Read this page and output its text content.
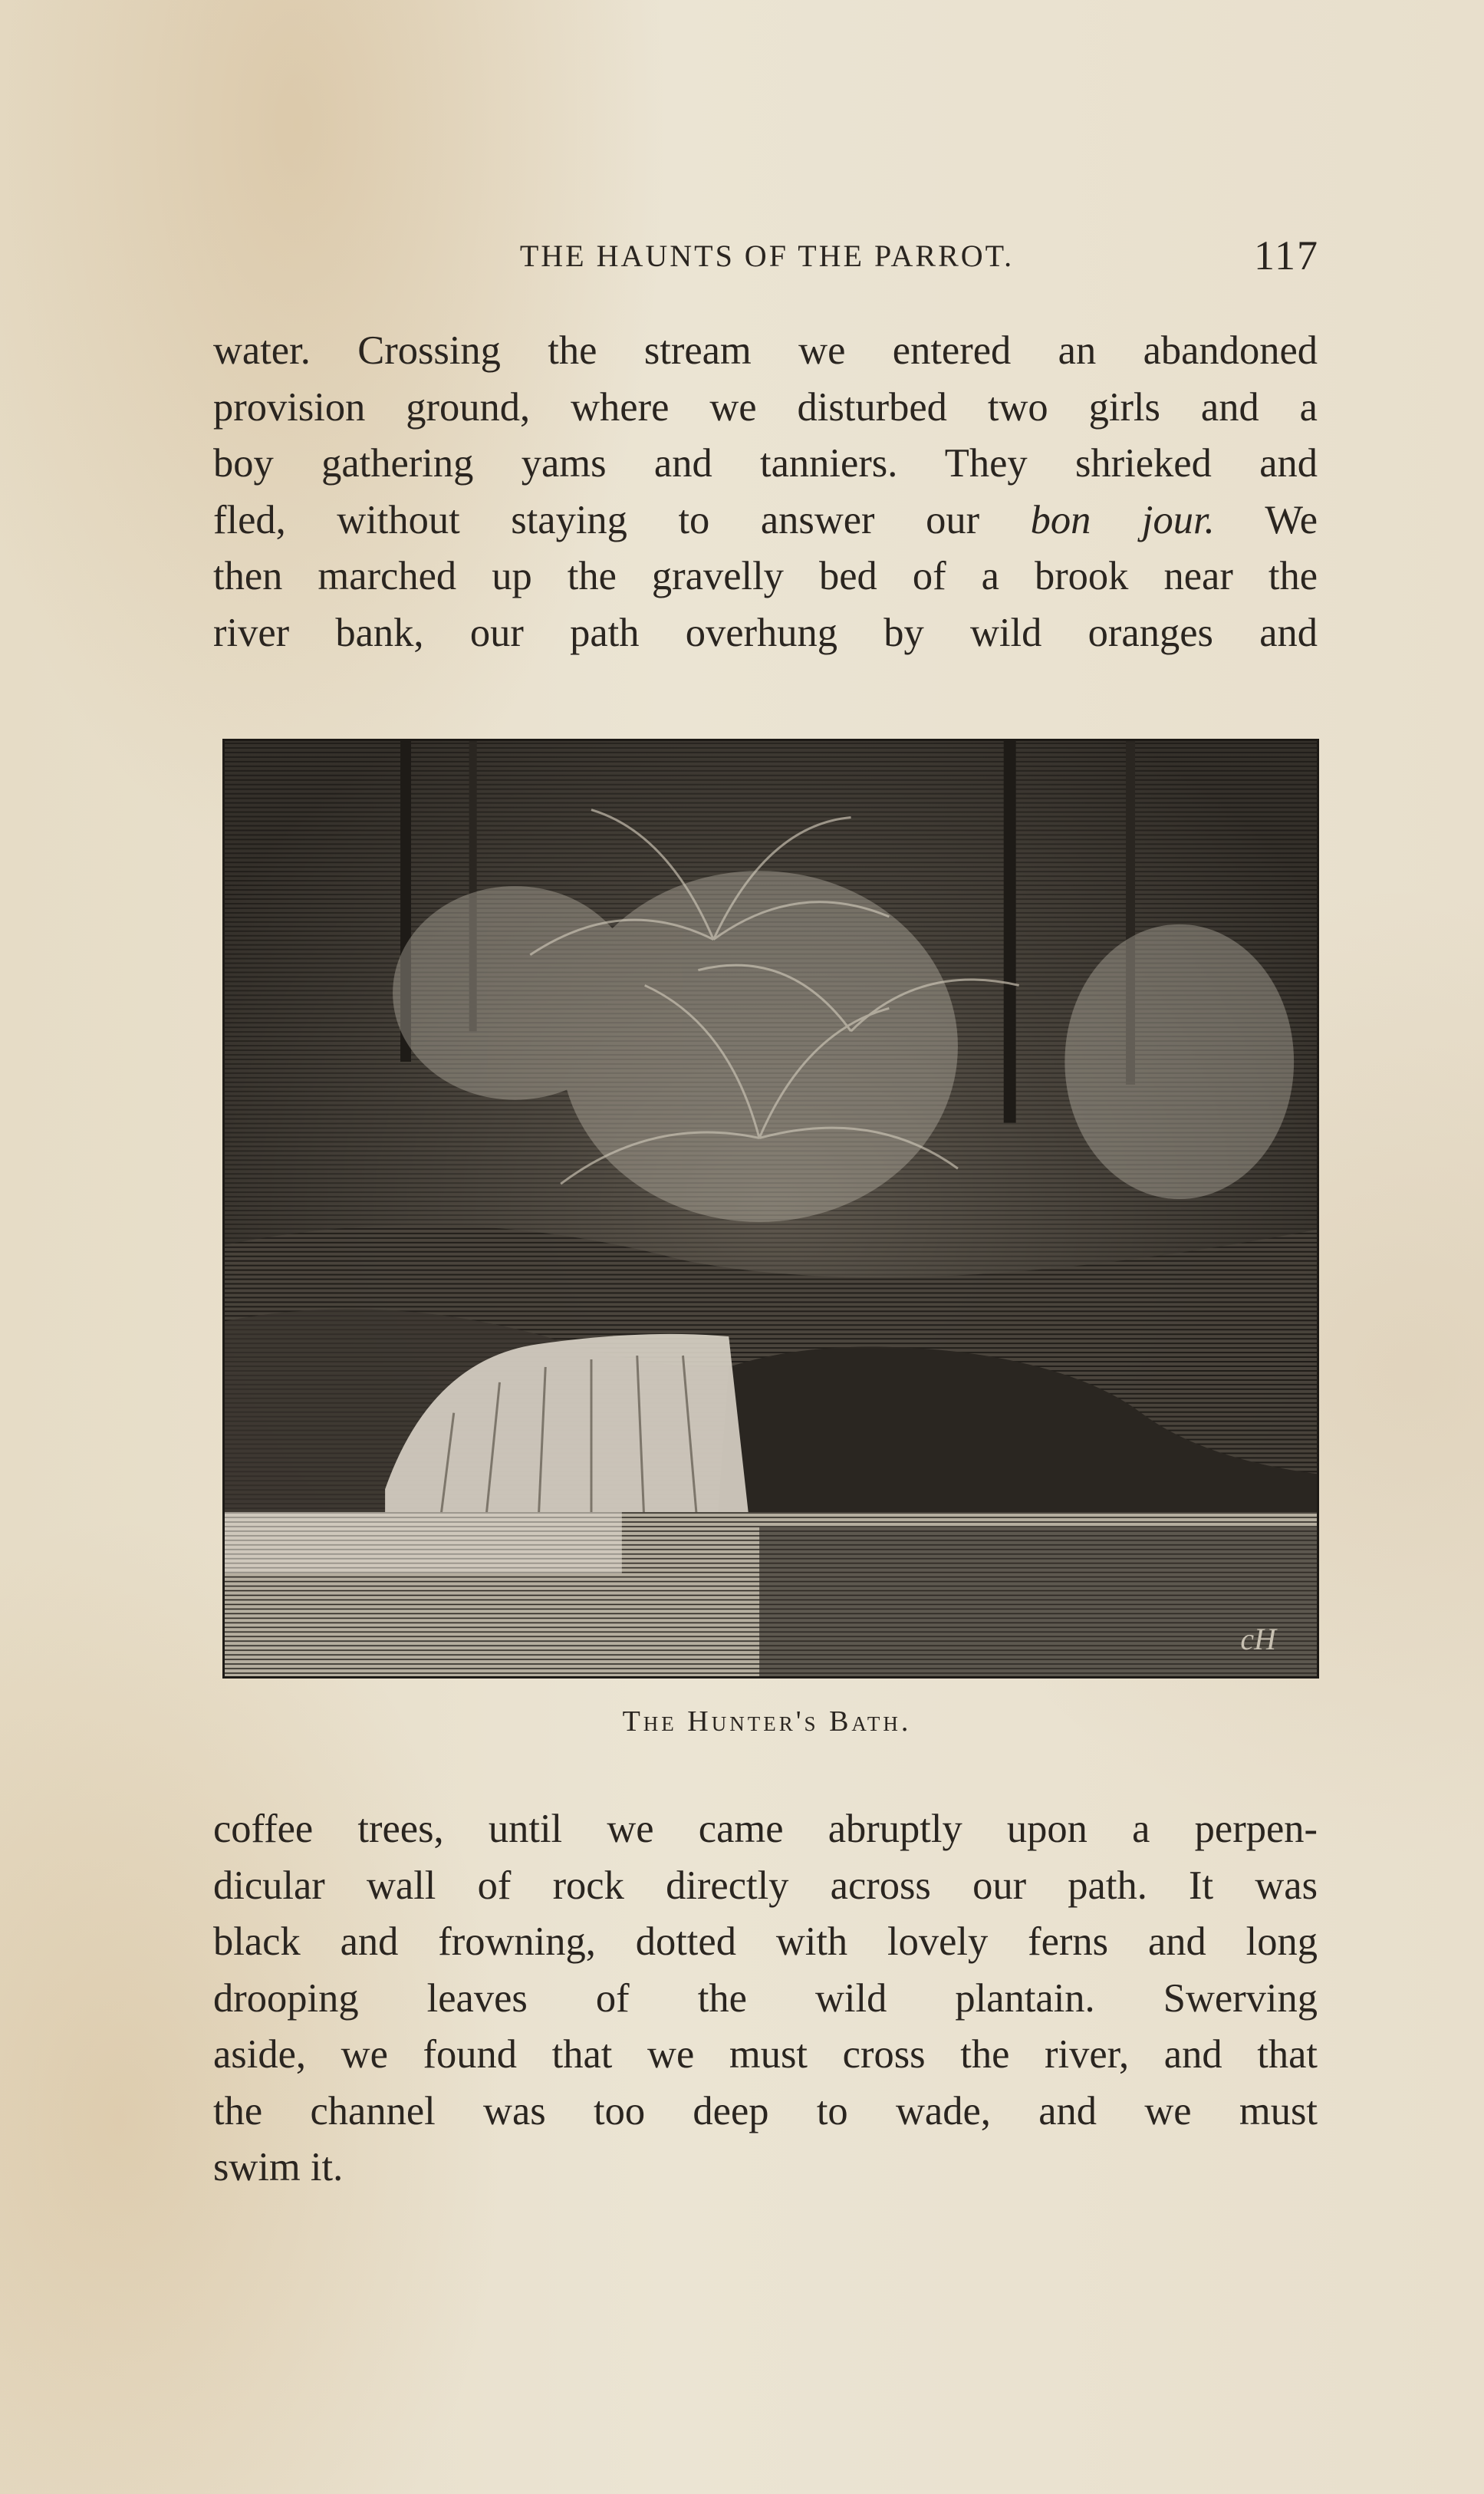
THE HAUNTS OF THE PARROT.	117
water. Crossing the stream we entered an abandoned
provision ground, where we disturbed two girls and a
boy gathering yams and tanniers. They shrieked and
fled, without staying to answer our bon jour. We
then marched up the gravelly bed of a brook near the
river bank, our path overhung by wild oranges and
cH
The Hunter's Bath.
coffee trees, until we came abruptly upon a perpen-
dicular wall of rock directly across our path. It was
black and frowning, dotted with lovely ferns and long
drooping leaves of the wild plantain. Swerving
aside, we found that we must cross the river, and that
the channel was too deep to wade, and we must
swim it.
